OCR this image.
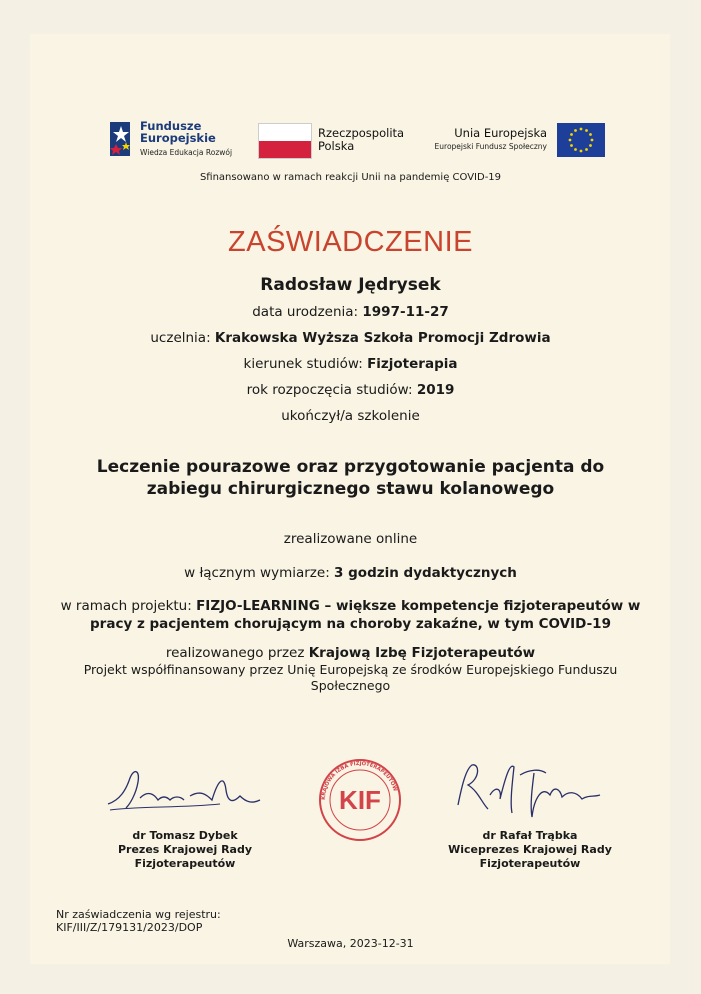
Fundusze
Europejskie
Wiedza Edukacja Rozwój
Rzeczpospolita
Polska
Unia Europejska
Europejski Fundusz Społeczny
Sfinansowano w ramach reakcji Unii na pandemię COVID-19
ZAŚWIADCZENIE
Radosław Jędrysek
data urodzenia: 1997-11-27
uczelnia: Krakowska Wyższa Szkoła Promocji Zdrowia
kierunek studiów: Fizjoterapia
rok rozpoczęcia studiów: 2019
ukończył/a szkolenie
Leczenie pourazowe oraz przygotowanie pacjenta do
zabiegu chirurgicznego stawu kolanowego
zrealizowane online
w łącznym wymiarze: 3 godzin dydaktycznych
w ramach projektu: FIZJO-LEARNING – większe kompetencje fizjoterapeutów w
pracy z pacjentem chorującym na choroby zakaźne, w tym COVID-19
realizowanego przez Krajową Izbę Fizjoterapeutów
Projekt współfinansowany przez Unię Europejską ze środków Europejskiego Funduszu
Społecznego
KRAJOWA IZBA FIZJOTERAPEUTÓW
KIF
dr Tomasz Dybek
Prezes Krajowej Rady
Fizjoterapeutów
dr Rafał Trąbka
Wiceprezes Krajowej Rady
Fizjoterapeutów
Nr zaświadczenia wg rejestru:
KIF/III/Z/179131/2023/DOP
Warszawa, 2023-12-31
